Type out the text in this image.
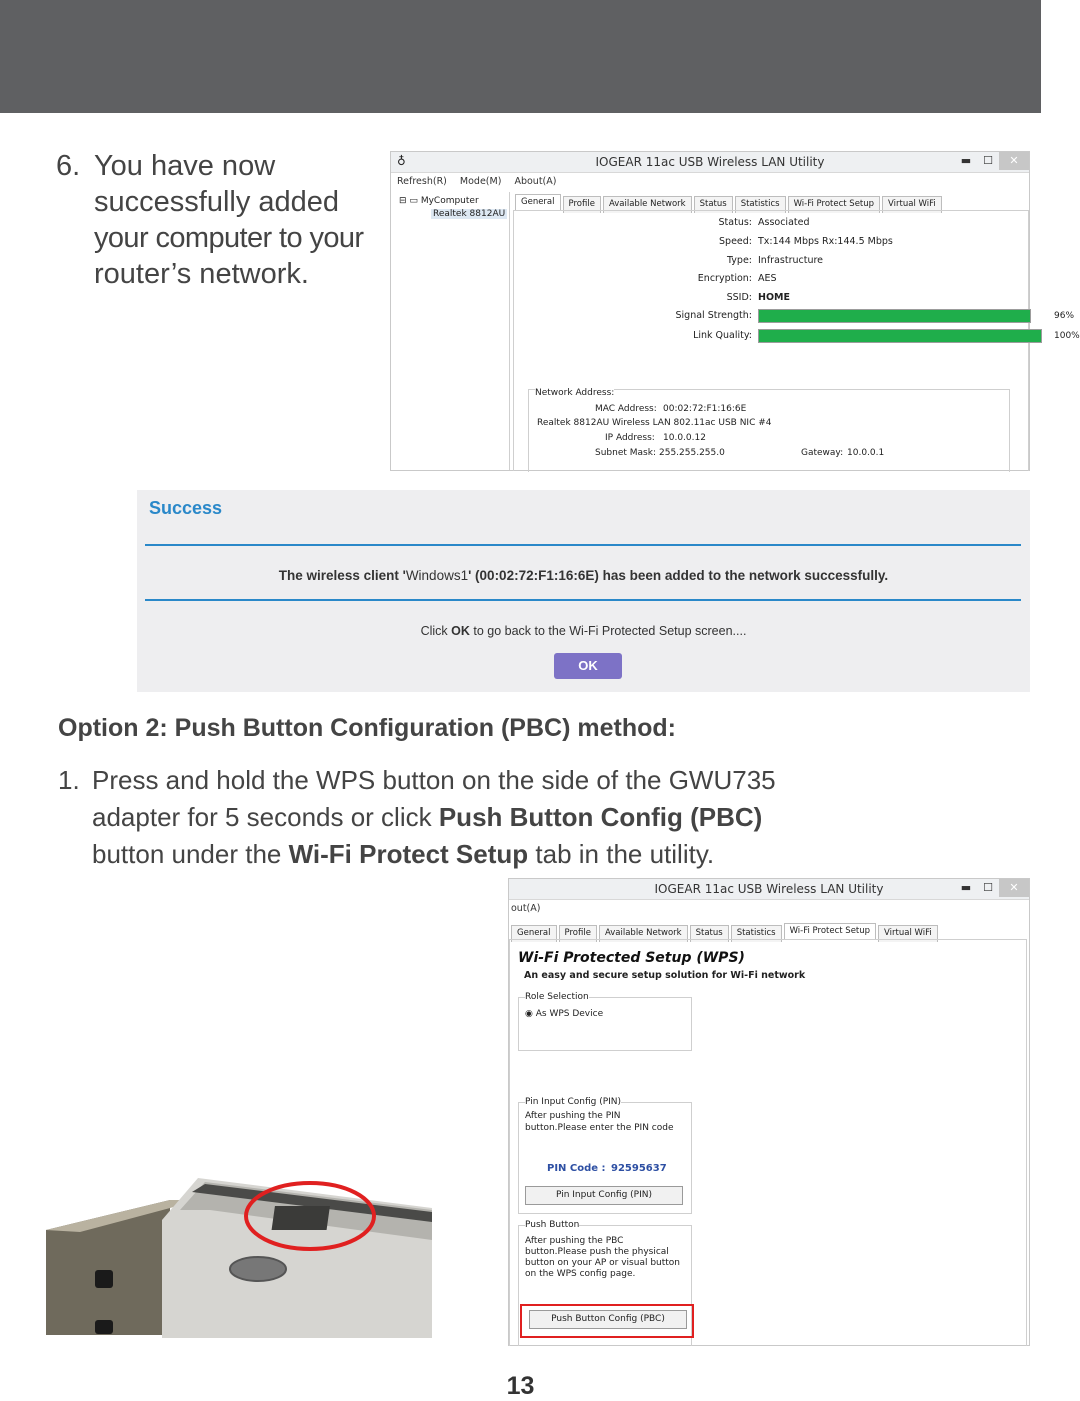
6. You have now
successfully added
your computer to your
router’s network.
♁	IOGEAR 11ac USB Wireless LAN Utility	▬	☐	✕
Refresh(R) Mode(M) About(A)
⊟ ▭ MyComputer
Realtek 8812AU
General	Profile	Available Network	Status	Statistics	Wi-Fi Protect Setup	Virtual WiFi
Status: Associated
Speed: Tx:144 Mbps Rx:144.5 Mbps
Type: Infrastructure
Encryption: AES
SSID: HOME
Signal Strength:	96%
Link Quality:	100%
Network Address:
MAC Address: 00:02:72:F1:16:6E
Realtek 8812AU Wireless LAN 802.11ac USB NIC #4
IP Address: 10.0.0.12
Subnet Mask: 255.255.255.0	Gateway: 10.0.0.1
Success
The wireless client 'Windows1' (00:02:72:F1:16:6E) has been added to the network successfully.
Click OK to go back to the Wi-Fi Protected Setup screen....
OK
Option 2: Push Button Configuration (PBC) method:
1. Press and hold the WPS button on the side of the GWU735
adapter for 5 seconds or click Push Button Config (PBC)
button under the Wi-Fi Protect Setup tab in the utility.
IOGEAR 11ac USB Wireless LAN Utility	▬	☐	✕
out(A)
General	Profile	Available Network	Status	Statistics	Wi-Fi Protect Setup	Virtual WiFi
Wi-Fi Protected Setup (WPS)
An easy and secure setup solution for Wi-Fi network
Role Selection
◉ As WPS Device
Pin Input Config (PIN)
After pushing the PIN
button.Please enter the PIN code
PIN Code : 92595637
Pin Input Config (PIN)
Push Button
After pushing the PBC
button.Please push the physical
button on your AP or visual button
on the WPS config page.
Push Button Config (PBC)
13
